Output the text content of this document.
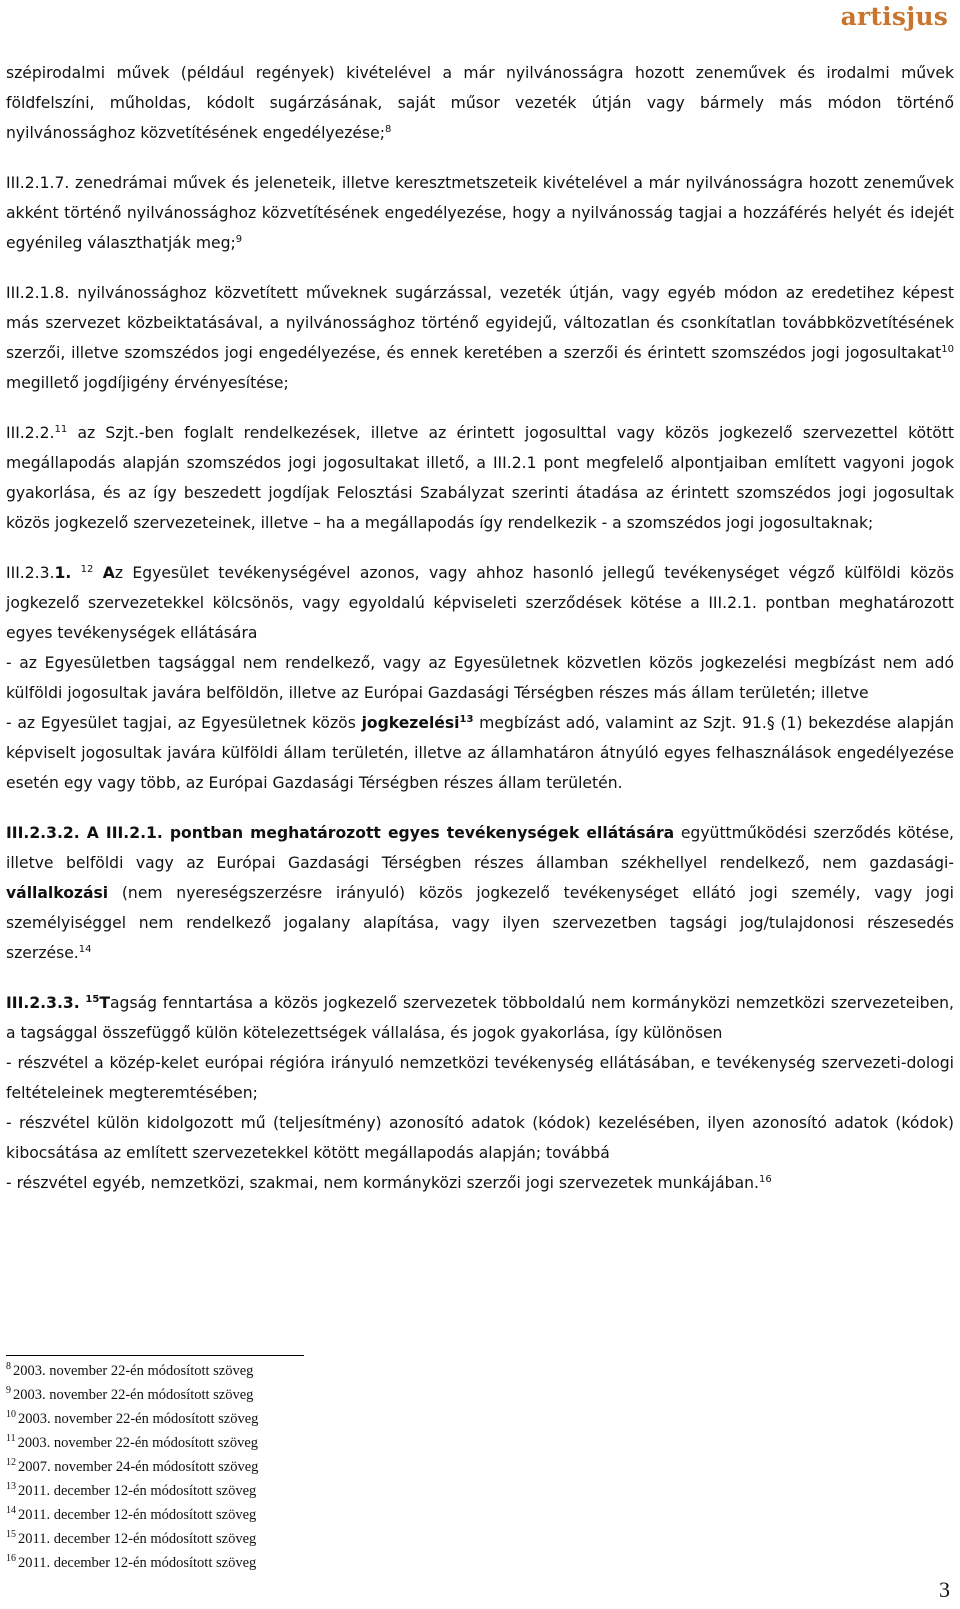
artisjus

szépirodalmi művek (például regények) kivételével a már nyilvánosságra hozott zeneművek és irodalmi művek földfelszíni, műholdas, kódolt sugárzásának, saját műsor vezeték útján vagy bármely más módon történő nyilvánossághoz közvetítésének engedélyezése;$^8$

III.2.1.7. zenedrámai művek és jeleneteik, illetve keresztmetszeteik kivételével a már nyilvánosságra hozott zeneművek akként történő nyilvánossághoz közvetítésének engedélyezése, hogy a nyilvánosság tagjai a hozzáférés helyét és idejét egyénileg választhatják meg;$^9$

III.2.1.8. nyilvánossághoz közvetített műveknek sugárzással, vezeték útján, vagy egyéb módon az eredetihez képest más szervezet közbeiktatásával, a nyilvánossághoz történő egyidejű, változatlan és csonkítatlan továbbközvetítésének szerzői, illetve szomszédos jogi engedélyezése, és ennek keretében a szerzői és érintett szomszédos jogi jogosultakat$^{10}$ megillető jogdíjigény érvényesítése;

III.2.2.11 az Szjt.-ben foglalt rendelkezések, illetve az érintett jogosulttal vagy közös jogkezelő szervezettel kötött megállapodás alapján szomszédos jogi jogosultakat illető, a III.2.1 pont megfelelő alpontjaiban említett vagyoni jogok gyakorlása, és az így beszedett jogdíjak Felosztási Szabályzat szerinti átadása az érintett szomszédos jogi jogosultak közös jogkezelő szervezeteinek, illetve – ha a megállapodás így rendelkezik - a szomszédos jogi jogosultaknak;

III.2.3.1. $^{12}$ Az Egyesület tevékenységével azonos, vagy ahhoz hasonló jellegű tevékenységet végző külföldi közös jogkezelő szervezetekkel kölcsönös, vagy egyoldalú képviseleti szerződések kötése a III.2.1. pontban meghatározott egyes tevékenységek ellátására

- az Egyesületben tagsággal nem rendelkező, vagy az Egyesületnek közvetlen közös jogkezelési megbízást nem adó külföldi jogosultak javára belföldön, illetve az Európai Gazdasági Térségben részes más állam területén; illetve

- az Egyesület tagjai, az Egyesületnek közös jogkezelési$^{13}$ megbízást adó, valamint az Szjt. 91.§ (1) bekezdése alapján képviselt jogosultak javára külföldi állam területén, illetve az államhatáron átnyúló egyes felhasználások engedélyezése esetén egy vagy több, az Európai Gazdasági Térségben részes állam területén.

III.2.3.2. A III.2.1. pontban meghatározott egyes tevékenységek ellátására együttműködési szerződés kötése, illetve belföldi vagy az Európai Gazdasági Térségben részes államban székhellyel rendelkező, nem gazdasági-vállalkozási (nem nyereségszerzésre irányuló) közös jogkezelő tevékenységet ellátó jogi személy, vagy jogi személyiséggel nem rendelkező jogalany alapítása, vagy ilyen szervezetben tagsági jog/tulajdonosi részesedés szerzése.$^{14}$

III.2.3.3. $^{15}$Tagság fenntartása a közös jogkezelő szervezetek többoldalú nem kormányközi nemzetközi szervezeteiben, a tagsággal összefüggő külön kötelezettségek vállalása, és jogok gyakorlása, így különösen

- részvétel a közép-kelet európai régióra irányuló nemzetközi tevékenység ellátásában, e tevékenység szervezeti-dologi feltételeinek megteremtésében;

- részvétel külön kidolgozott mű (teljesítmény) azonosító adatok (kódok) kezelésében, ilyen azonosító adatok (kódok) kibocsátása az említett szervezetekkel kötött megállapodás alapján; továbbá

- részvétel egyéb, nemzetközi, szakmai, nem kormányközi szerzői jogi szervezetek munkájában.$^{16}$

$^8$ 2003. november 22-én módosított szöveg
$^9$ 2003. november 22-én módosított szöveg
$^{10}$ 2003. november 22-én módosított szöveg
$^{11}$ 2003. november 22-én módosított szöveg
$^{12}$ 2007. november 24-én módosított szöveg
$^{13}$ 2011. december 12-én módosított szöveg
$^{14}$ 2011. december 12-én módosított szöveg
$^{15}$ 2011. december 12-én módosított szöveg
$^{16}$ 2011. december 12-én módosított szöveg
3
